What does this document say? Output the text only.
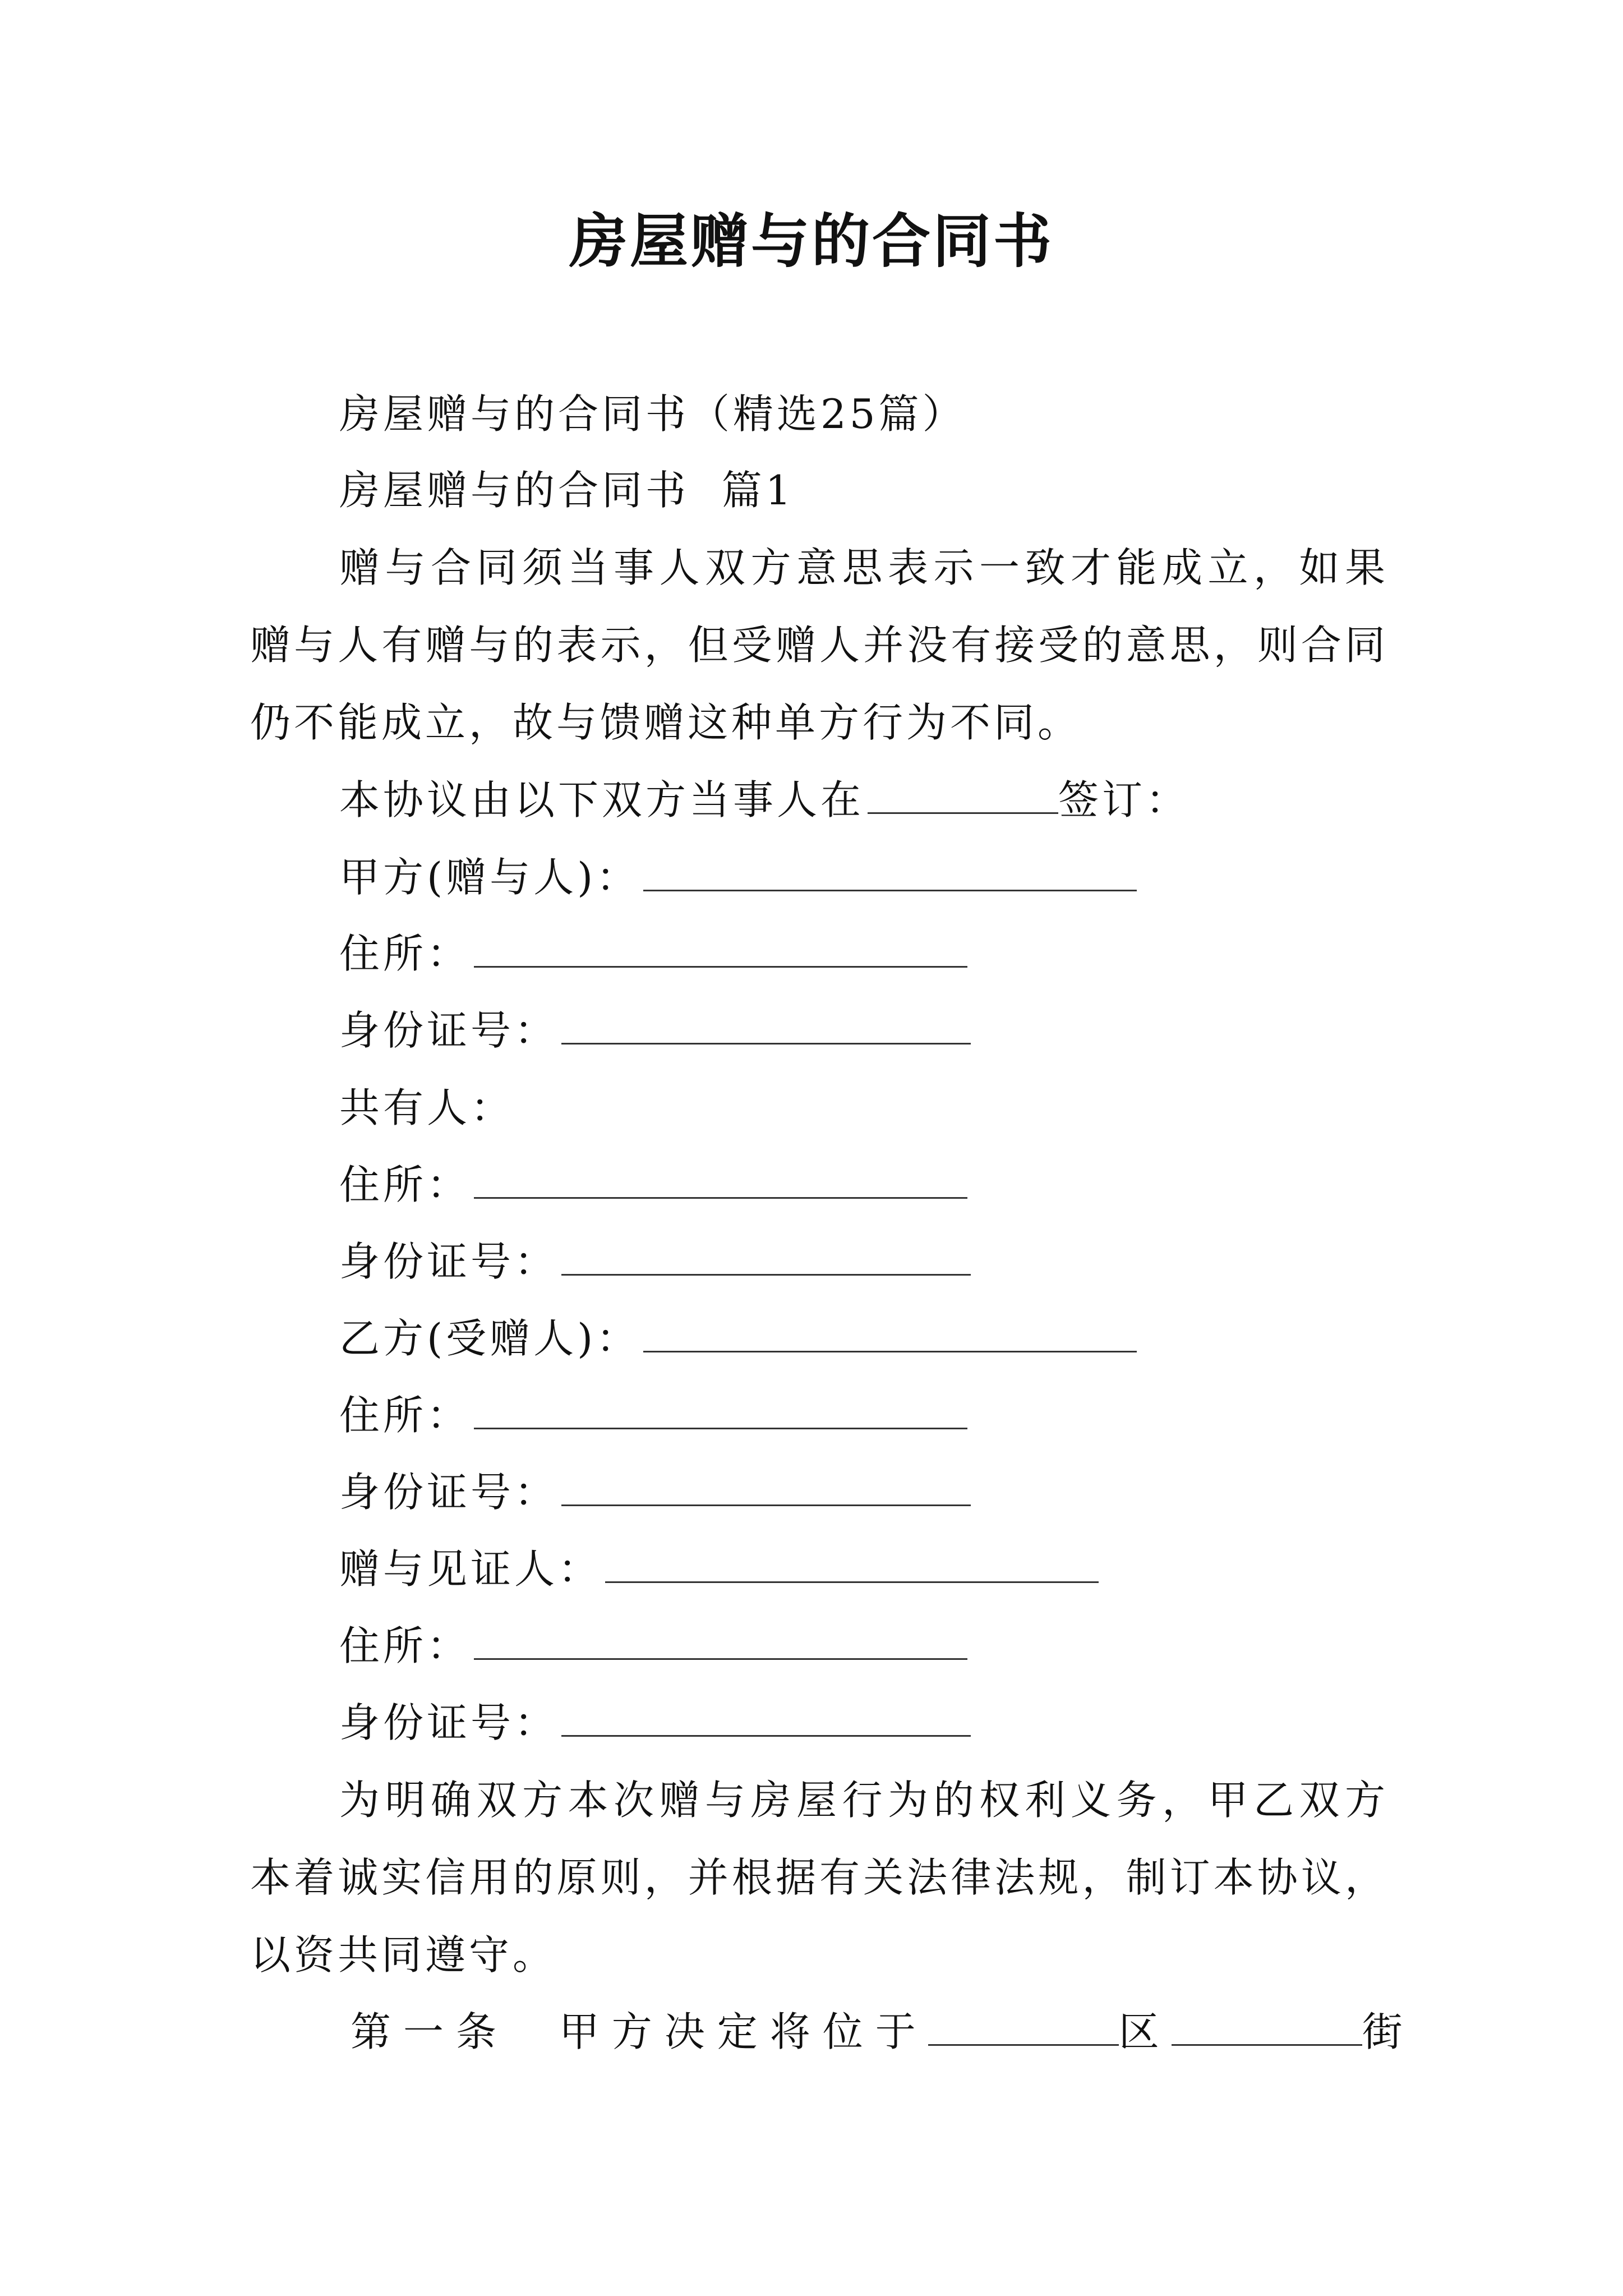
房屋赠与的合同书
房屋赠与的合同书（精选25篇）
房屋赠与的合同书  篇1
赠与合同须当事人双方意思表示一致才能成立，如果赠与人有赠与的表示，但受赠人并没有接受的意思，则合同仍不能成立，故与馈赠这种单方行为不同。
本协议由以下双方当事人在	签订：
甲方(赠与人)：
住所：
身份证号：
共有人：
住所：
身份证号：
乙方(受赠人)：
住所：
身份证号：
赠与见证人：
住所：
身份证号：
为明确双方本次赠与房屋行为的权利义务，甲乙双方本着诚实信用的原则，并根据有关法律法规，制订本协议，以资共同遵守。
第一条  甲方决定将位于	区	街
